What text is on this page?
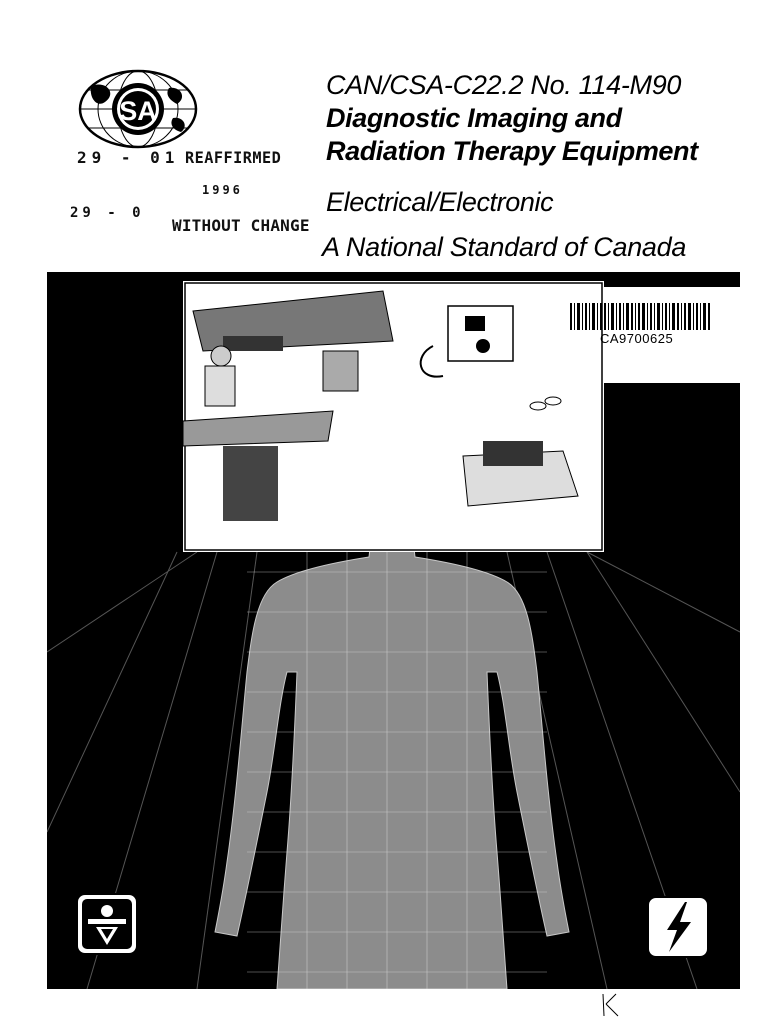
SA
CAN/CSA-C22.2 No. 114-M90
Diagnostic Imaging and
Radiation Therapy Equipment
Electrical/Electronic
A National Standard of Canada
29 - 01 REAFFIRMED
1996
29 - 0
WITHOUT CHANGE
CA9700625
